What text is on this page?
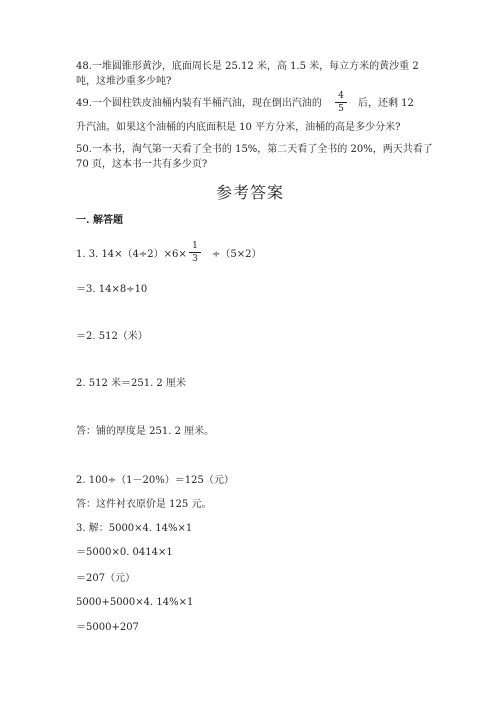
48.一堆圆锥形黄沙，底面周长是 25.12 米，高 1.5 米，每立方米的黄沙重 2
吨，这堆沙重多少吨?
49.一个圆柱铁皮油桶内装有半桶汽油，现在倒出汽油的
4
5	后，还剩 12
升汽油。如果这个油桶的内底面积是 10 平方分米，油桶的高是多少分米?
50.一本书，淘气第一天看了全书的 15%，第二天看了全书的 20%，两天共看了
70 页，这本书一共有多少页?
参考答案
一. 解答题
1. 3. 14×（4÷2）×6×
1
3	÷（5×2）
＝3. 14×8÷10
＝2. 512（米）
2. 512 米＝251. 2 厘米
答：铺的厚度是 251. 2 厘米。
2. 100÷（1－20%）＝125（元）
答：这件衬衣原价是 125 元。
3. 解：5000×4. 14%×1
＝5000×0. 0414×1
＝207（元）
5000+5000×4. 14%×1
＝5000+207
